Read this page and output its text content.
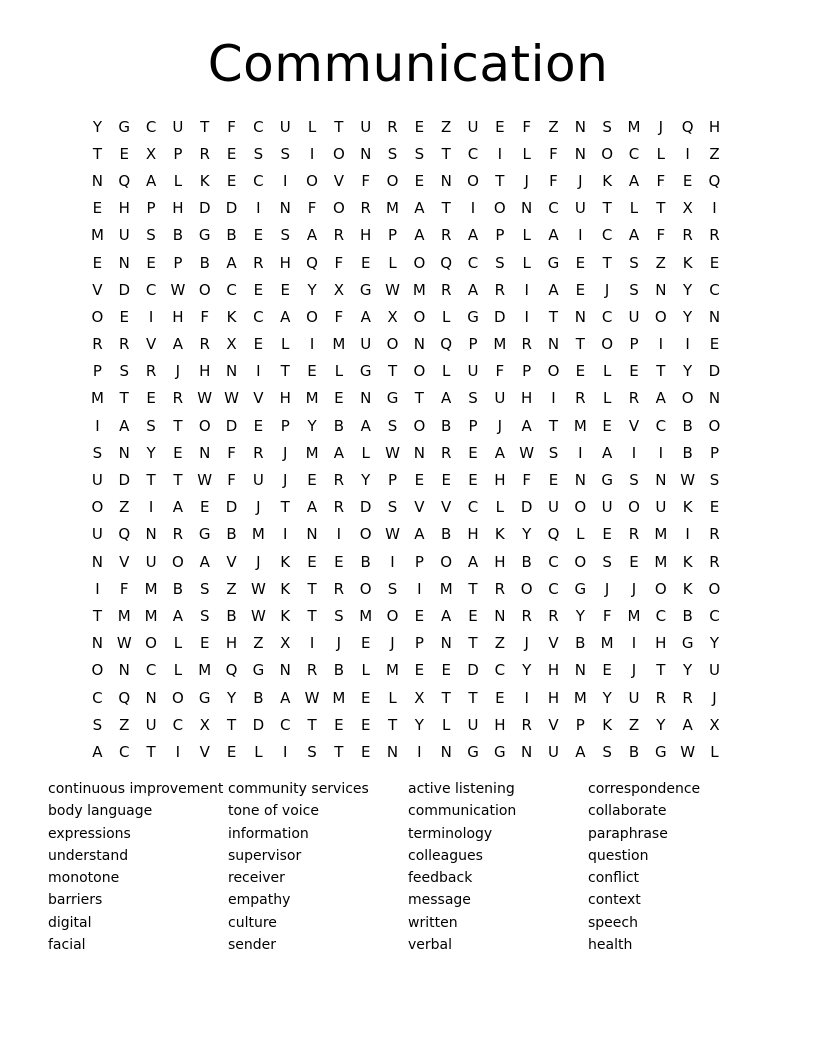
Communication
Y	G	C	U	T	F	C	U	L	T	U	R	E	Z	U	E	F	Z	N	S	M	J	Q	H
T	E	X	P	R	E	S	S	I	O	N	S	S	T	C	I	L	F	N	O	C	L	I	Z
N	Q	A	L	K	E	C	I	O	V	F	O	E	N	O	T	J	F	J	K	A	F	E	Q
E	H	P	H	D	D	I	N	F	O	R	M	A	T	I	O	N	C	U	T	L	T	X	I
M U	S	B	G	B	E	S	A	R	H	P	A	R	A	P	L	A	I	C	A	F	R	R
E	N	E	P	B	A	R	H	Q	F	E	L	O	Q	C	S	L	G	E	T	S	Z	K	E
V	D	C W O	C	E	E	Y	X	G W M	R	A	R	I	A	E	J	S	N	Y	C
O	E	I	H	F	K	C	A	O	F	A	X	O	L	G	D	I	T	N	C	U	O	Y	N
R	R	V	A	R	X	E	L	I	M U	O	N	Q	P	M	R	N	T	O	P	I	I	E
P	S	R	J	H	N	I	T	E	L	G	T	O	L	U	F	P	O	E	L	E	T	Y	D
M	T	E	R W W V	H M	E	N	G	T	A	S	U	H	I	R	L	R	A	O	N
I	A	S	T	O	D	E	P	Y	B	A	S	O	B	P	J	A	T	M	E	V	C	B	O
S	N	Y	E	N	F	R	J	M	A	L	W N	R	E	A W S	I	A	I	I	B	P
U	D	T	T W	F	U	J	E	R	Y	P	E	E	E	H	F	E	N	G	S	N W S
O	Z	I	A	E	D	J	T	A	R	D	S	V	V	C	L	D	U	O	U	O	U	K	E
U	Q	N	R	G	B	M	I	N	I	O W A	B	H	K	Y	Q	L	E	R	M	I	R
N	V	U	O	A	V	J	K	E	E	B	I	P	O	A	H	B	C	O	S	E	M	K	R
I	F	M	B	S	Z W K	T	R	O	S	I	M	T	R	O	C	G	J	J	O	K	O
T	M M	A	S	B W K	T	S	M O	E	A	E	N	R	R	Y	F	M	C	B	C
N W O	L	E	H	Z	X	I	J	E	J	P	N	T	Z	J	V	B	M	I	H	G	Y
O	N	C	L	M Q	G	N	R	B	L	M	E	E	D	C	Y	H	N	E	J	T	Y	U
C	Q	N	O	G	Y	B	A W M	E	L	X	T	T	E	I	H M	Y	U	R	R	J
S	Z	U	C	X	T	D	C	T	E	E	T	Y	L	U	H	R	V	P	K	Z	Y	A	X
A	C	T	I	V	E	L	I	S	T	E	N	I	N	G	G	N	U	A	S	B	G W	L
continuous improvement
body language
expressions
understand
monotone
barriers
digital
facial
community services
tone of voice
information
supervisor
receiver
empathy
culture
sender
active listening
communication
terminology
colleagues
feedback
message
written
verbal
correspondence
collaborate
paraphrase
question
conflict
context
speech
health
